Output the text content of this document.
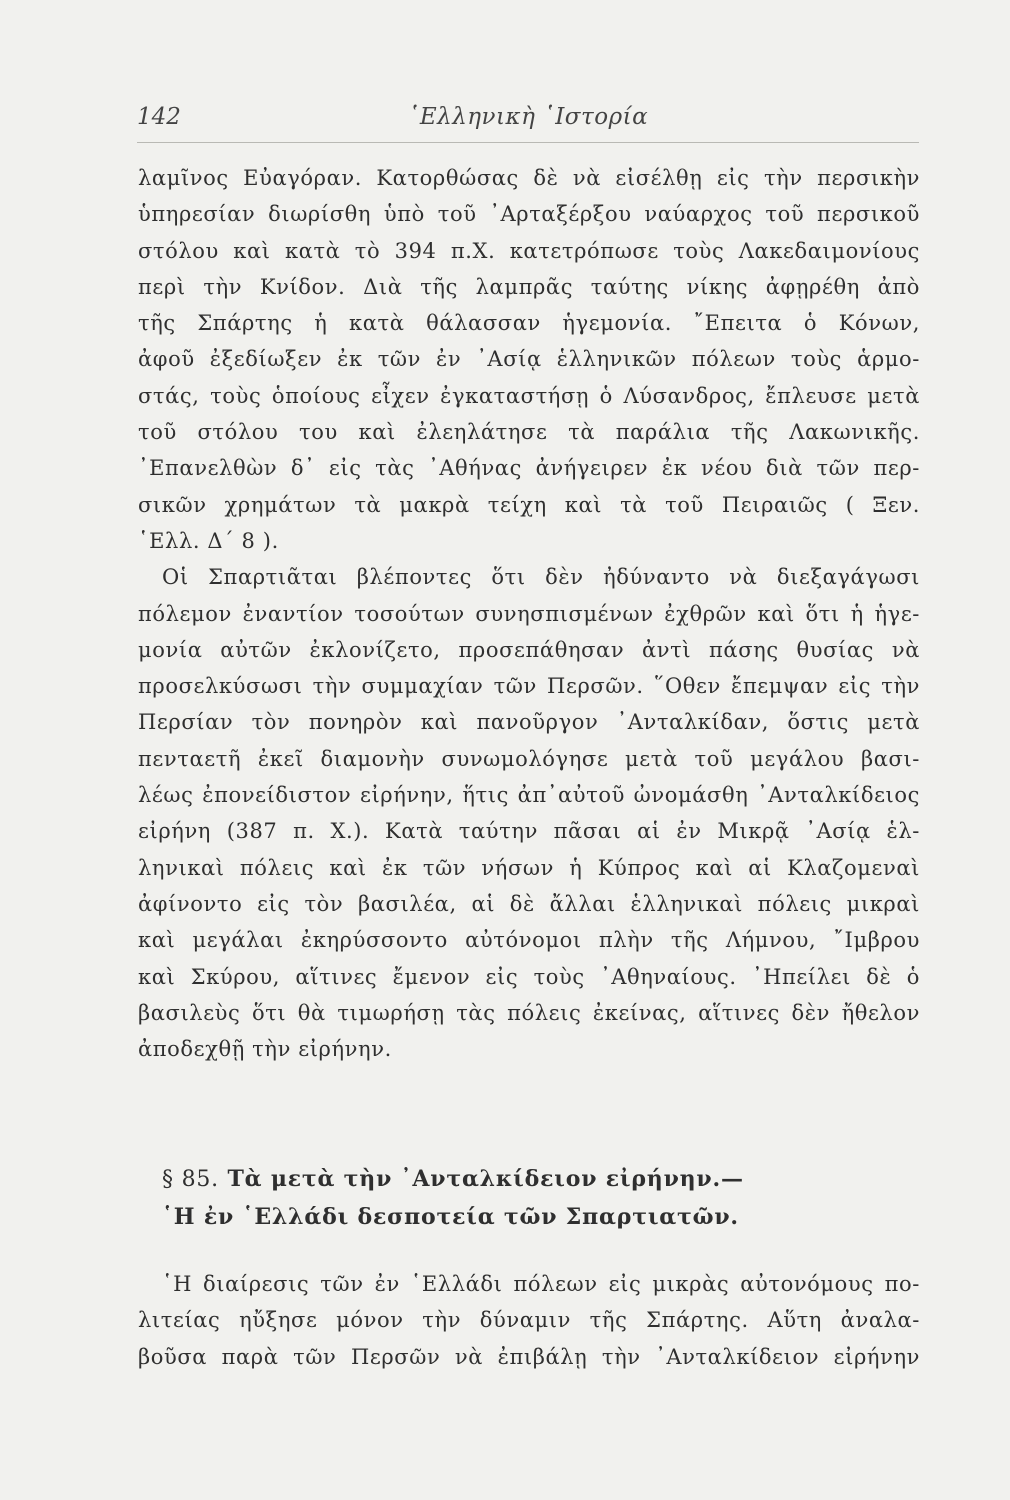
142	῾Ελληνικὴ ῾Ιστορία
λαμῖνος Εὐαγόραν. Κατορθώσας δὲ νὰ εἰσέλθῃ εἰς τὴν περσικὴν
ὑπηρεσίαν διωρίσθη ὑπὸ τοῦ ᾿Αρταξέρξου ναύαρχος τοῦ περσικοῦ
στόλου καὶ κατὰ τὸ 394 π.Χ. κατετρόπωσε τοὺς Λακεδαιμονίους
περὶ τὴν Κνίδον. Διὰ τῆς λαμπρᾶς ταύτης νίκης ἀφῃρέθη ἀπὸ
τῆς Σπάρτης ἡ κατὰ θάλασσαν ἡγεμονία. ῎Επειτα ὁ Κόνων,
ἀφοῦ ἐξεδίωξεν ἐκ τῶν ἐν ᾿Ασίᾳ ἑλληνικῶν πόλεων τοὺς ἁρμο-
στάς, τοὺς ὁποίους εἶχεν ἐγκαταστήσῃ ὁ Λύσανδρος, ἔπλευσε μετὰ
τοῦ στόλου του καὶ ἐλεηλάτησε τὰ παράλια τῆς Λακωνικῆς.
᾿Επανελθὼν δ᾿ εἰς τὰς ᾿Αθήνας ἀνήγειρεν ἐκ νέου διὰ τῶν περ-
σικῶν χρημάτων τὰ μακρὰ τείχη καὶ τὰ τοῦ Πειραιῶς ( Ξεν.
῾Ελλ. Δ΄ 8 ).
Οἱ Σπαρτιᾶται βλέποντες ὅτι δὲν ἠδύναντο νὰ διεξαγάγωσι
πόλεμον ἐναντίον τοσούτων συνησπισμένων ἐχθρῶν καὶ ὅτι ἡ ἡγε-
μονία αὐτῶν ἐκλονίζετο, προσεπάθησαν ἀντὶ πάσης θυσίας νὰ
προσελκύσωσι τὴν συμμαχίαν τῶν Περσῶν. ῞Οθεν ἔπεμψαν εἰς τὴν
Περσίαν τὸν πονηρὸν καὶ πανοῦργον ᾿Ανταλκίδαν, ὅστις μετὰ
πενταετῆ ἐκεῖ διαμονὴν συνωμολόγησε μετὰ τοῦ μεγάλου βασι-
λέως ἐπονείδιστον εἰρήνην, ἥτις ἀπ᾿αὐτοῦ ὠνομάσθη ᾿Ανταλκίδειος
εἰρήνη (387 π. Χ.). Κατὰ ταύτην πᾶσαι αἱ ἐν Μικρᾷ ᾿Ασίᾳ ἑλ-
ληνικαὶ πόλεις καὶ ἐκ τῶν νήσων ἡ Κύπρος καὶ αἱ Κλαζομεναὶ
ἀφίνοντο εἰς τὸν βασιλέα, αἱ δὲ ἄλλαι ἑλληνικαὶ πόλεις μικραὶ
καὶ μεγάλαι ἐκηρύσσοντο αὐτόνομοι πλὴν τῆς Λήμνου, ῎Ιμβρου
καὶ Σκύρου, αἵτινες ἔμενον εἰς τοὺς ᾿Αθηναίους. ᾿Ηπείλει δὲ ὁ
βασιλεὺς ὅτι θὰ τιμωρήσῃ τὰς πόλεις ἐκείνας, αἵτινες δὲν ἤθελον
ἀποδεχθῇ τὴν εἰρήνην.
§ 85. Τὰ μετὰ τὴν ᾿Ανταλκίδειον εἰρήνην.—
῾Η ἐν ῾Ελλάδι δεσποτεία τῶν Σπαρτιατῶν.
῾Η διαίρεσις τῶν ἐν ῾Ελλάδι πόλεων εἰς μικρὰς αὐτονόμους πο-
λιτείας ηὔξησε μόνον τὴν δύναμιν τῆς Σπάρτης. Αὕτη ἀναλα-
βοῦσα παρὰ τῶν Περσῶν νὰ ἐπιβάλῃ τὴν ᾿Ανταλκίδειον εἰρήνην
